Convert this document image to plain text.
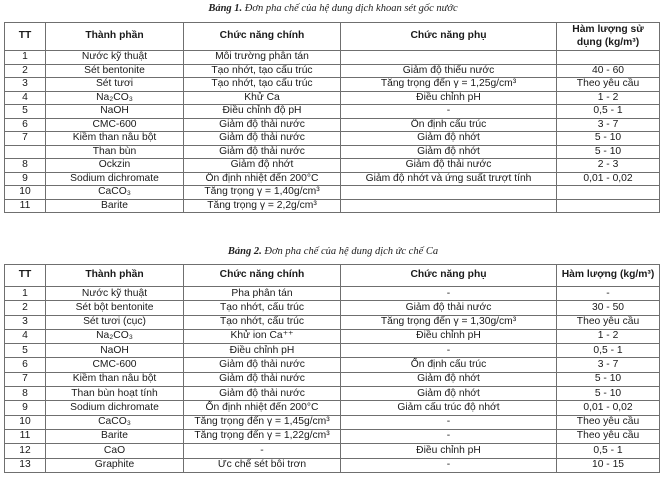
Bảng 1. Đơn pha chế của hệ dung dịch khoan sét gốc nước
TT	Thành phần	Chức năng chính	Chức năng phụ	Hàm lượng sử dụng (kg/m³)
1	Nước kỹ thuật	Môi trường phân tán		
2	Sét bentonite	Tạo nhớt, tạo cấu trúc	Giảm độ thiếu nước	40 - 60
3	Sét tươi	Tạo nhớt, tạo cấu trúc	Tăng trọng đến γ = 1,25g/cm³	Theo yêu cầu
4	Na₂CO₃	Khử Ca	Điều chỉnh pH	1 - 2
5	NaOH	Điều chỉnh độ pH	-	0,5 - 1
6	CMC-600	Giảm độ thải nước	Ổn định cấu trúc	3 - 7
7	Kiềm than nâu bột	Giảm độ thải nước	Giảm độ nhớt	5 - 10
	Than bùn	Giảm độ thải nước	Giảm độ nhớt	5 - 10
8	Ockzin	Giảm độ nhớt	Giảm độ thải nước	2 - 3
9	Sodium dichromate	Ổn định nhiệt đến 200°C	Giảm độ nhớt và ứng suất trượt tính	0,01 - 0,02
10	CaCO₃	Tăng trọng γ = 1,40g/cm³		
11	Barite	Tăng trọng γ = 2,2g/cm³		
Bảng 2. Đơn pha chế của hệ dung dịch ức chế Ca
TT	Thành phần	Chức năng chính	Chức năng phụ	Hàm lượng (kg/m³)
1	Nước kỹ thuật	Pha phân tán	-	-
2	Sét bột bentonite	Tạo nhớt, cấu trúc	Giảm độ thải nước	30 - 50
3	Sét tươi (cục)	Tạo nhớt, cấu trúc	Tăng trọng đến γ = 1,30g/cm³	Theo yêu cầu
4	Na₂CO₃	Khử ion Ca⁺⁺	Điều chỉnh pH	1 - 2
5	NaOH	Điều chỉnh pH	-	0,5 - 1
6	CMC-600	Giảm độ thải nước	Ổn định cấu trúc	3 - 7
7	Kiềm than nâu bột	Giảm độ thải nước	Giảm độ nhớt	5 - 10
8	Than bùn hoạt tính	Giảm độ thải nước	Giảm độ nhớt	5 - 10
9	Sodium dichromate	Ổn định nhiệt đến 200°C	Giảm cấu trúc độ nhớt	0,01 - 0,02
10	CaCO₃	Tăng trọng đến γ = 1,45g/cm³	-	Theo yêu cầu
11	Barite	Tăng trọng đến γ = 1,22g/cm³	-	Theo yêu cầu
12	CaO	-	Điều chỉnh pH	0,5 - 1
13	Graphite	Ức chế sét bôi trơn	-	10 - 15
